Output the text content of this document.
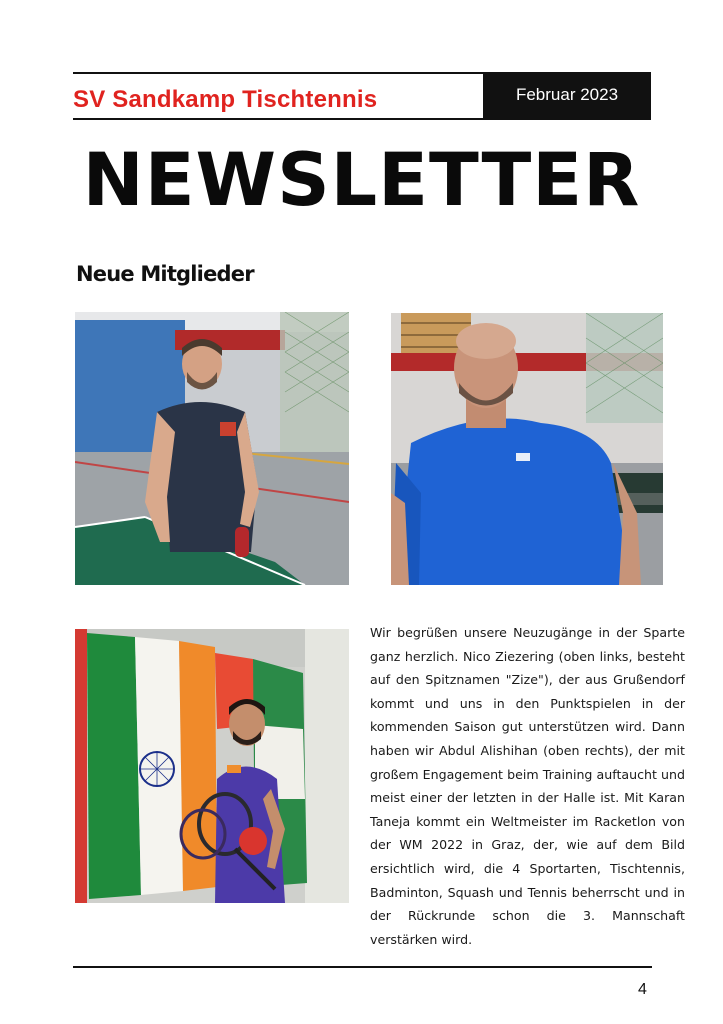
SV Sandkamp Tischtennis	Februar 2023
NEWSLETTER
Neue Mitglieder
Wir begrüßen unsere Neuzugänge in der Sparte ganz herzlich. Nico Ziezering (oben links, besteht auf den Spitznamen "Zize"), der aus Grußendorf kommt und uns in den Punktspielen in der kommenden Saison gut unterstützen wird. Dann haben wir Abdul Alishihan (oben rechts), der mit großem Engagement beim Training auftaucht und meist einer der letzten in der Halle ist. Mit Karan Taneja kommt ein Weltmeister im Racketlon von der WM 2022 in Graz, der, wie auf dem Bild ersichtlich wird, die 4 Sportarten, Tischtennis, Badminton, Squash und Tennis beherrscht und in der Rückrunde schon die 3. Mannschaft verstärken wird.
4
